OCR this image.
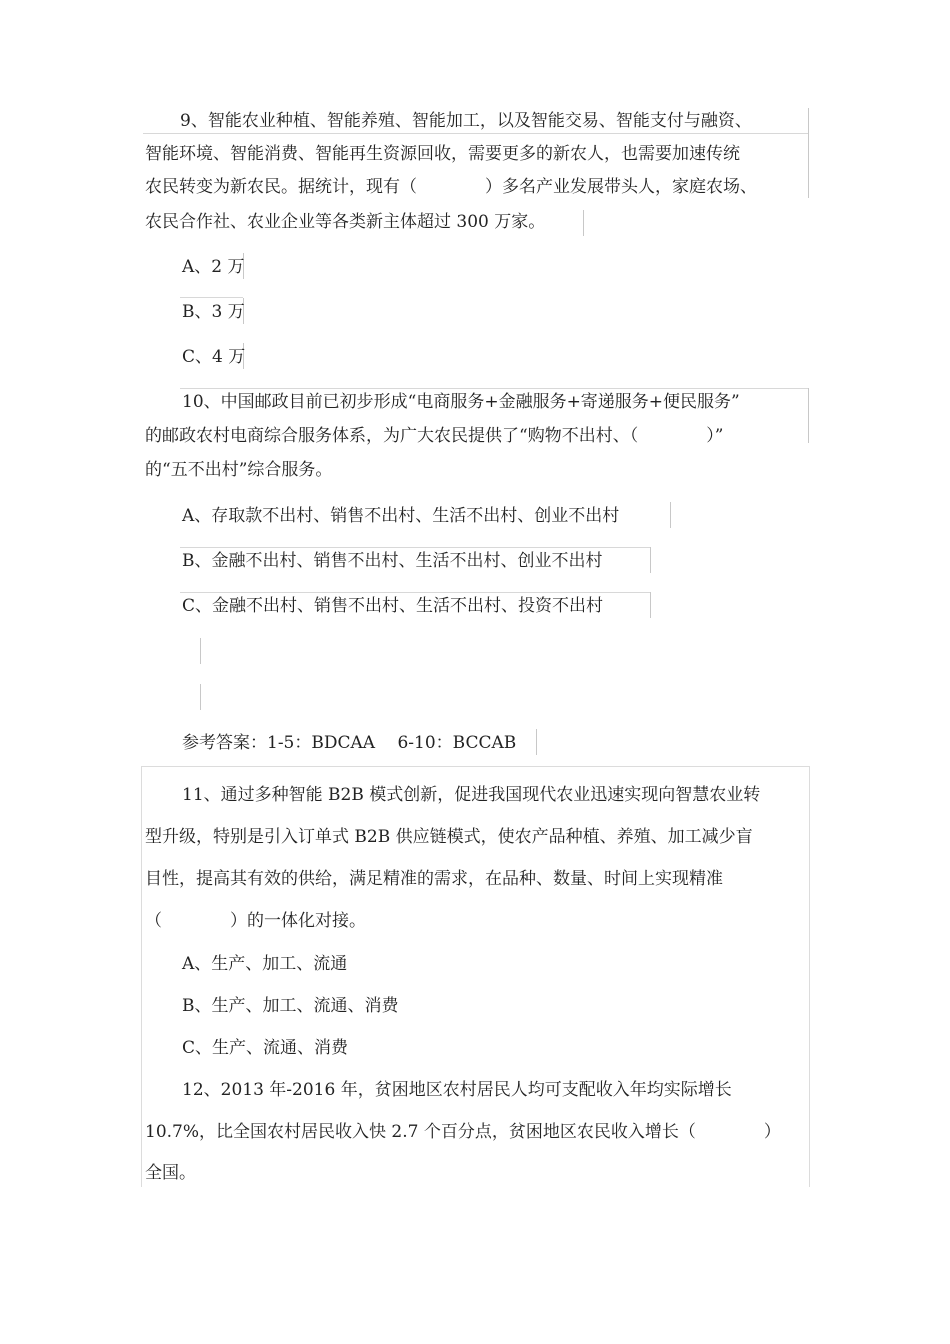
9、智能农业种植、智能养殖、智能加工，以及智能交易、智能支付与融资、
智能环境、智能消费、智能再生资源回收，需要更多的新农人，也需要加速传统
农民转变为新农民。据统计，现有（　　　　）多名产业发展带头人，家庭农场、
农民合作社、农业企业等各类新主体超过 300 万家。
A、2 万
B、3 万
C、4 万
10、中国邮政目前已初步形成“电商服务+金融服务+寄递服务+便民服务”
的邮政农村电商综合服务体系，为广大农民提供了“购物不出村、（　　　　）”
的“五不出村”综合服务。
A、存取款不出村、销售不出村、生活不出村、创业不出村
B、金融不出村、销售不出村、生活不出村、创业不出村
C、金融不出村、销售不出村、生活不出村、投资不出村
参考答案：1-5：BDCAA　 6-10：BCCAB
11、通过多种智能 B2B 模式创新，促进我国现代农业迅速实现向智慧农业转
型升级，特别是引入订单式 B2B 供应链模式，使农产品种植、养殖、加工减少盲
目性，提高其有效的供给，满足精准的需求，在品种、数量、时间上实现精准
（　　　　）的一体化对接。
A、生产、加工、流通
B、生产、加工、流通、消费
C、生产、流通、消费
12、2013 年-2016 年，贫困地区农村居民人均可支配收入年均实际增长
10.7%，比全国农村居民收入快 2.7 个百分点，贫困地区农民收入增长（　　　　）
全国。
